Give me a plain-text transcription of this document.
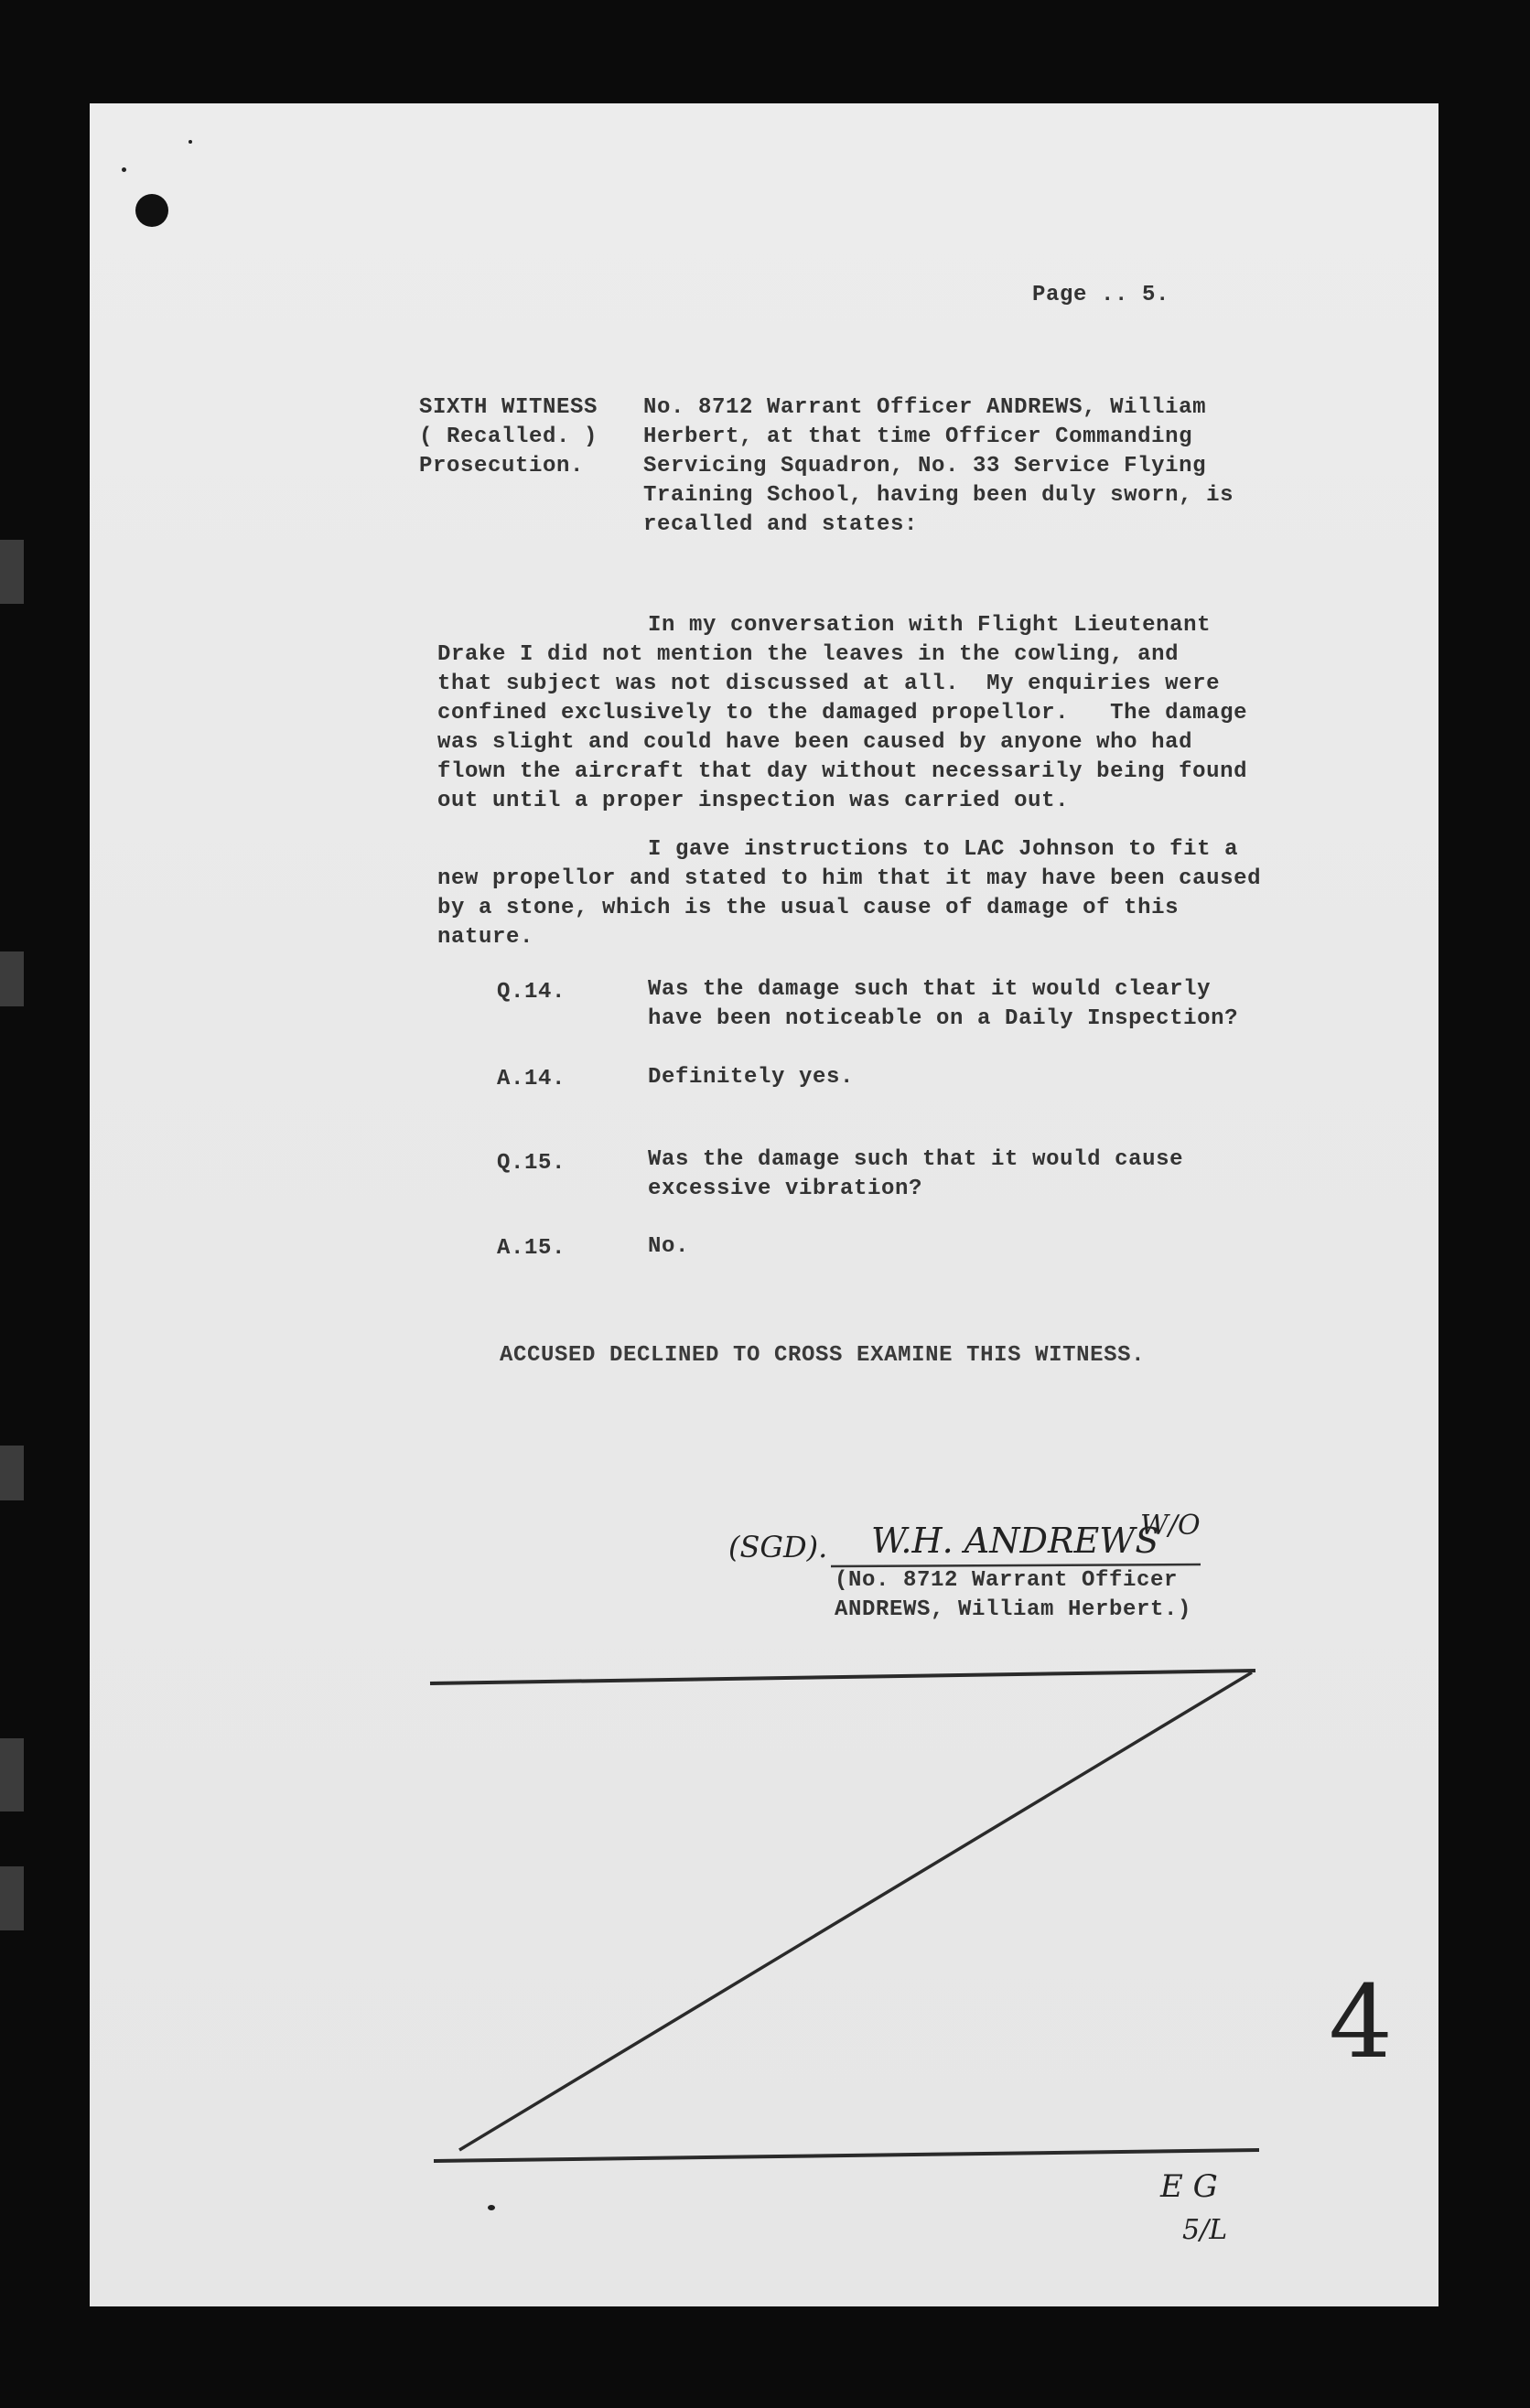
Page .. 5.
SIXTH WITNESS
( Recalled. )
Prosecution.
No. 8712 Warrant Officer ANDREWS, William
Herbert, at that time Officer Commanding
Servicing Squadron, No. 33 Service Flying
Training School, having been duly sworn, is
recalled and states:
In my conversation with Flight Lieutenant
Drake I did not mention the leaves in the cowling, and
that subject was not discussed at all.  My enquiries were
confined exclusively to the damaged propellor.   The damage
was slight and could have been caused by anyone who had
flown the aircraft that day without necessarily being found
out until a proper inspection was carried out.
I gave instructions to LAC Johnson to fit a
new propellor and stated to him that it may have been caused
by a stone, which is the usual cause of damage of this
nature.
Q.14.	Was the damage such that it would clearly
have been noticeable on a Daily Inspection?
A.14.	Definitely yes.
Q.15.	Was the damage such that it would cause
excessive vibration?
A.15.	No.
ACCUSED DECLINED TO CROSS EXAMINE THIS WITNESS.
(SGD). W.H. ANDREWS
W/O
(No. 8712 Warrant Officer
ANDREWS, William Herbert.)
4
E G
5/L
